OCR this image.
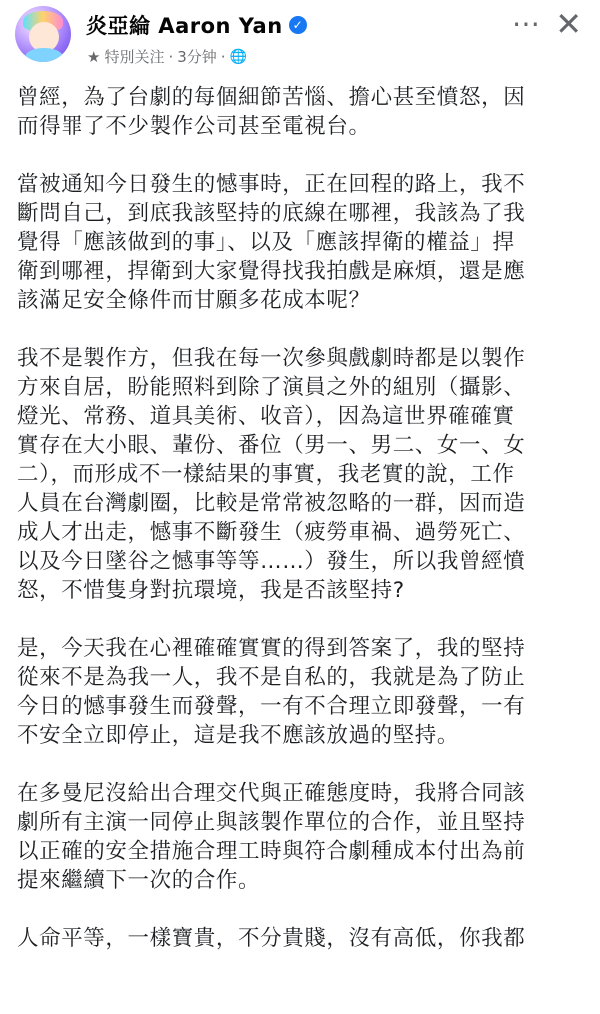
炎亞綸 Aaron Yan ✓
★ 特別关注 · 3分钟 · 🌐
⋯ ✕

曾經，為了台劇的每個細節苦惱、擔心甚至憤怒，因
而得罪了不少製作公司甚至電視台。

當被通知今日發生的憾事時，正在回程的路上，我不
斷問自己，到底我該堅持的底線在哪裡，我該為了我
覺得「應該做到的事」、以及「應該捍衛的權益」捍
衛到哪裡，捍衛到大家覺得找我拍戲是麻煩，還是應
該滿足安全條件而甘願多花成本呢？

我不是製作方，但我在每一次參與戲劇時都是以製作
方來自居，盼能照料到除了演員之外的組別（攝影、
燈光、常務、道具美術、收音），因為這世界確確實
實存在大小眼、輩份、番位（男一、男二、女一、女
二），而形成不一樣結果的事實，我老實的說，工作
人員在台灣劇圈，比較是常常被忽略的一群，因而造
成人才出走，憾事不斷發生（疲勞車禍、過勞死亡、
以及今日墜谷之憾事等等……）發生，所以我曾經憤
怒，不惜隻身對抗環境，我是否該堅持?

是，今天我在心裡確確實實的得到答案了，我的堅持
從來不是為我一人，我不是自私的，我就是為了防止
今日的憾事發生而發聲，一有不合理立即發聲，一有
不安全立即停止，這是我不應該放過的堅持。

在多曼尼沒給出合理交代與正確態度時，我將合同該
劇所有主演一同停止與該製作單位的合作，並且堅持
以正確的安全措施合理工時與符合劇種成本付出為前
提來繼續下一次的合作。

人命平等，一樣寶貴，不分貴賤，沒有高低，你我都
